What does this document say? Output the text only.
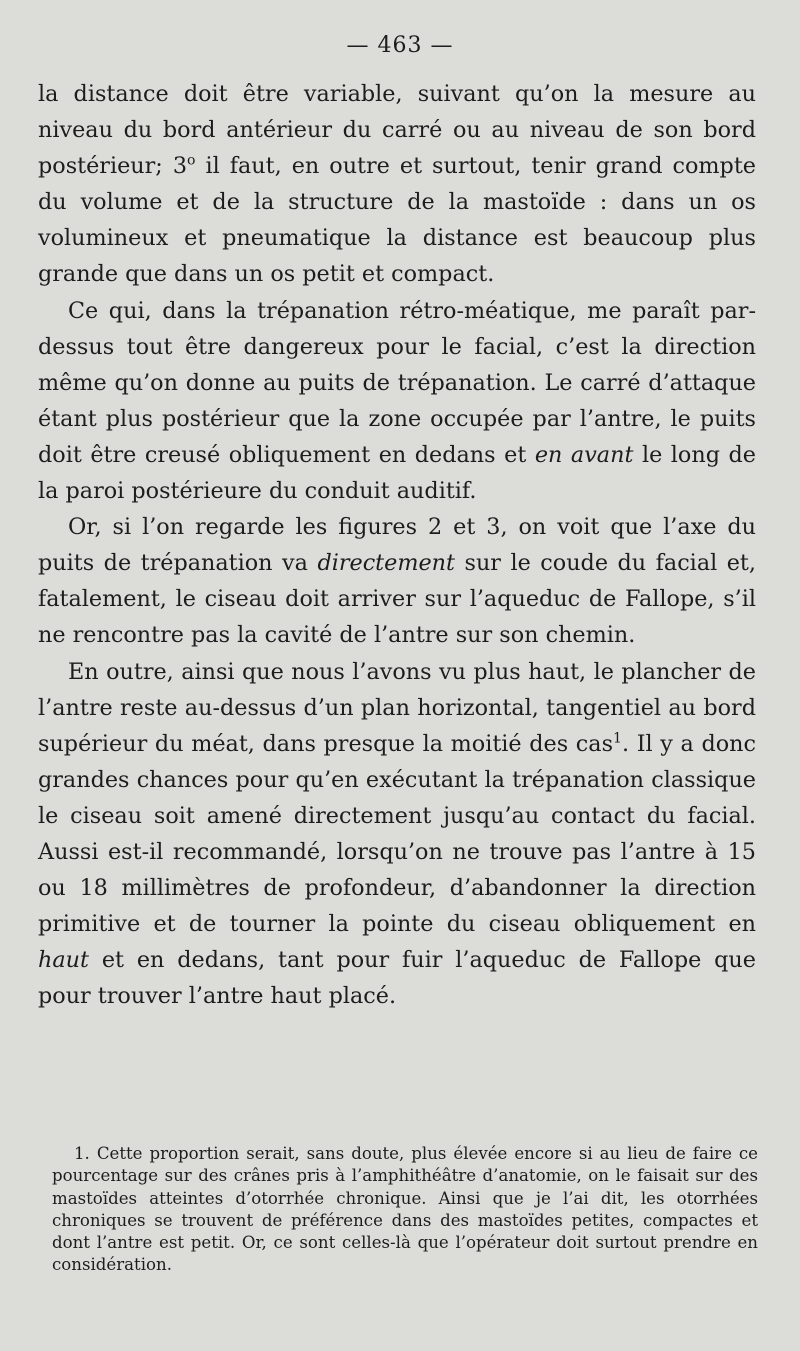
— 463 —

la distance doit être variable, suivant qu’on la mesure au niveau du bord antérieur du carré ou au niveau de son bord postérieur; 3$^o$ il faut, en outre et surtout, tenir grand compte du volume et de la structure de la mastoïde : dans un os volumineux et pneumatique la distance est beaucoup plus grande que dans un os petit et compact.

Ce qui, dans la trépanation rétro-méatique, me paraît par-dessus tout être dangereux pour le facial, c’est la direction même qu’on donne au puits de trépanation. Le carré d’attaque étant plus postérieur que la zone occupée par l’antre, le puits doit être creusé obliquement en dedans et en avant le long de la paroi postérieure du conduit auditif.

Or, si l’on regarde les figures 2 et 3, on voit que l’axe du puits de trépanation va directement sur le coude du facial et, fatalement, le ciseau doit arriver sur l’aqueduc de Fallope, s’il ne rencontre pas la cavité de l’antre sur son chemin.

En outre, ainsi que nous l’avons vu plus haut, le plancher de l’antre reste au-dessus d’un plan horizontal, tangentiel au bord supérieur du méat, dans presque la moitié des cas$^1$. Il y a donc grandes chances pour qu’en exécutant la trépanation classique le ciseau soit amené directement jusqu’au contact du facial. Aussi est-il recommandé, lorsqu’on ne trouve pas l’antre à 15 ou 18 millimètres de profondeur, d’abandonner la direction primitive et de tourner la pointe du ciseau obliquement en haut et en dedans, tant pour fuir l’aqueduc de Fallope que pour trouver l’antre haut placé.

1. Cette proportion serait, sans doute, plus élevée encore si au lieu de faire ce pourcentage sur des crânes pris à l’amphithéâtre d’anatomie, on le faisait sur des mastoïdes atteintes d’otorrhée chronique. Ainsi que je l’ai dit, les otorrhées chroniques se trouvent de préférence dans des mastoïdes petites, compactes et dont l’antre est petit. Or, ce sont celles-là que l’opérateur doit surtout prendre en considération.
